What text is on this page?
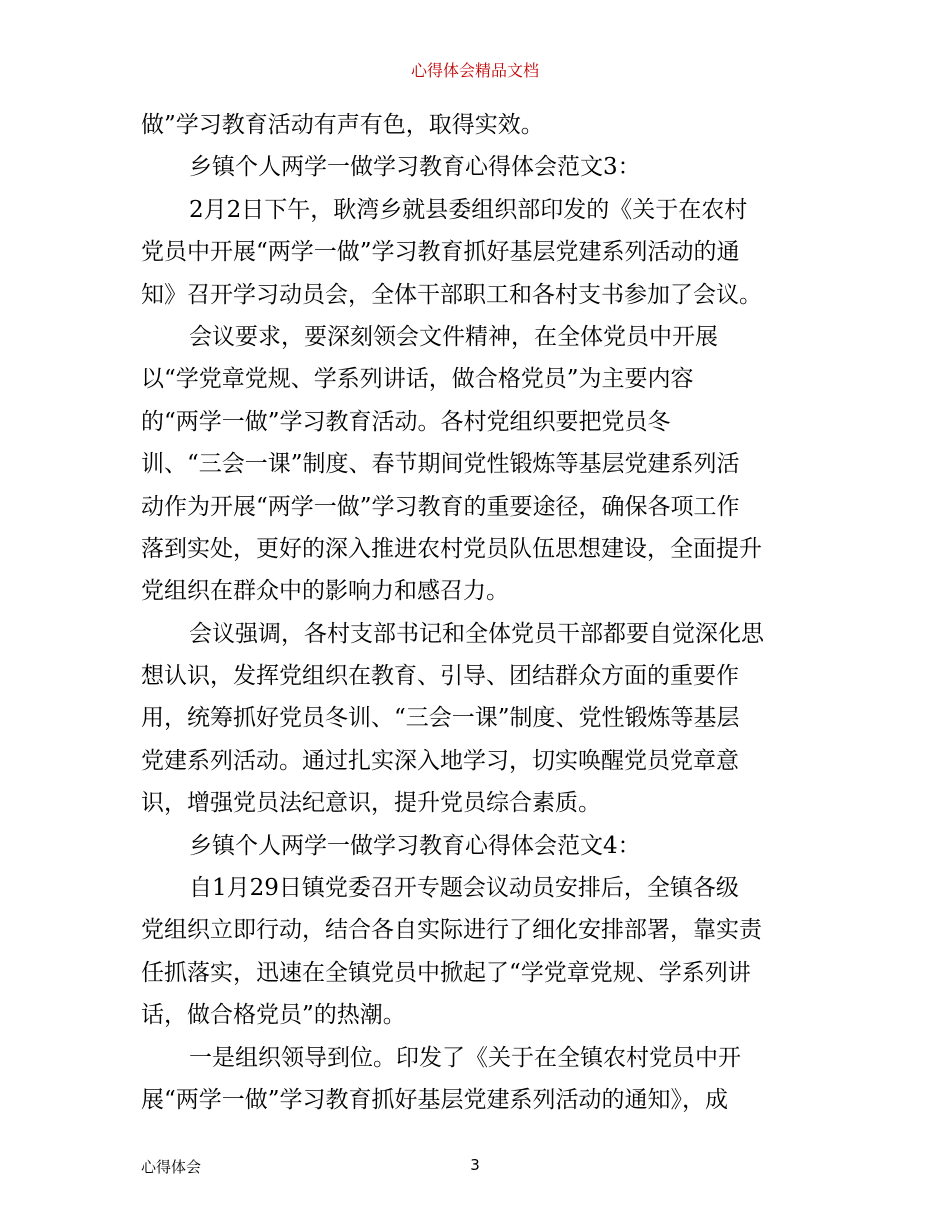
心得体会精品文档
做”学习教育活动有声有色，取得实效。
乡镇个人两学一做学习教育心得体会范文3：
2月2日下午，耿湾乡就县委组织部印发的《关于在农村
党员中开展“两学一做”学习教育抓好基层党建系列活动的通
知》召开学习动员会，全体干部职工和各村支书参加了会议。
会议要求，要深刻领会文件精神，在全体党员中开展
以“学党章党规、学系列讲话，做合格党员”为主要内容
的“两学一做”学习教育活动。各村党组织要把党员冬
训、“三会一课”制度、春节期间党性锻炼等基层党建系列活
动作为开展“两学一做”学习教育的重要途径，确保各项工作
落到实处，更好的深入推进农村党员队伍思想建设，全面提升
党组织在群众中的影响力和感召力。
会议强调，各村支部书记和全体党员干部都要自觉深化思
想认识，发挥党组织在教育、引导、团结群众方面的重要作
用，统筹抓好党员冬训、“三会一课”制度、党性锻炼等基层
党建系列活动。通过扎实深入地学习，切实唤醒党员党章意
识，增强党员法纪意识，提升党员综合素质。
乡镇个人两学一做学习教育心得体会范文4：
自1月29日镇党委召开专题会议动员安排后，全镇各级
党组织立即行动，结合各自实际进行了细化安排部署，靠实责
任抓落实，迅速在全镇党员中掀起了“学党章党规、学系列讲
话，做合格党员”的热潮。
一是组织领导到位。印发了《关于在全镇农村党员中开
展“两学一做”学习教育抓好基层党建系列活动的通知》，成
心得体会	3
